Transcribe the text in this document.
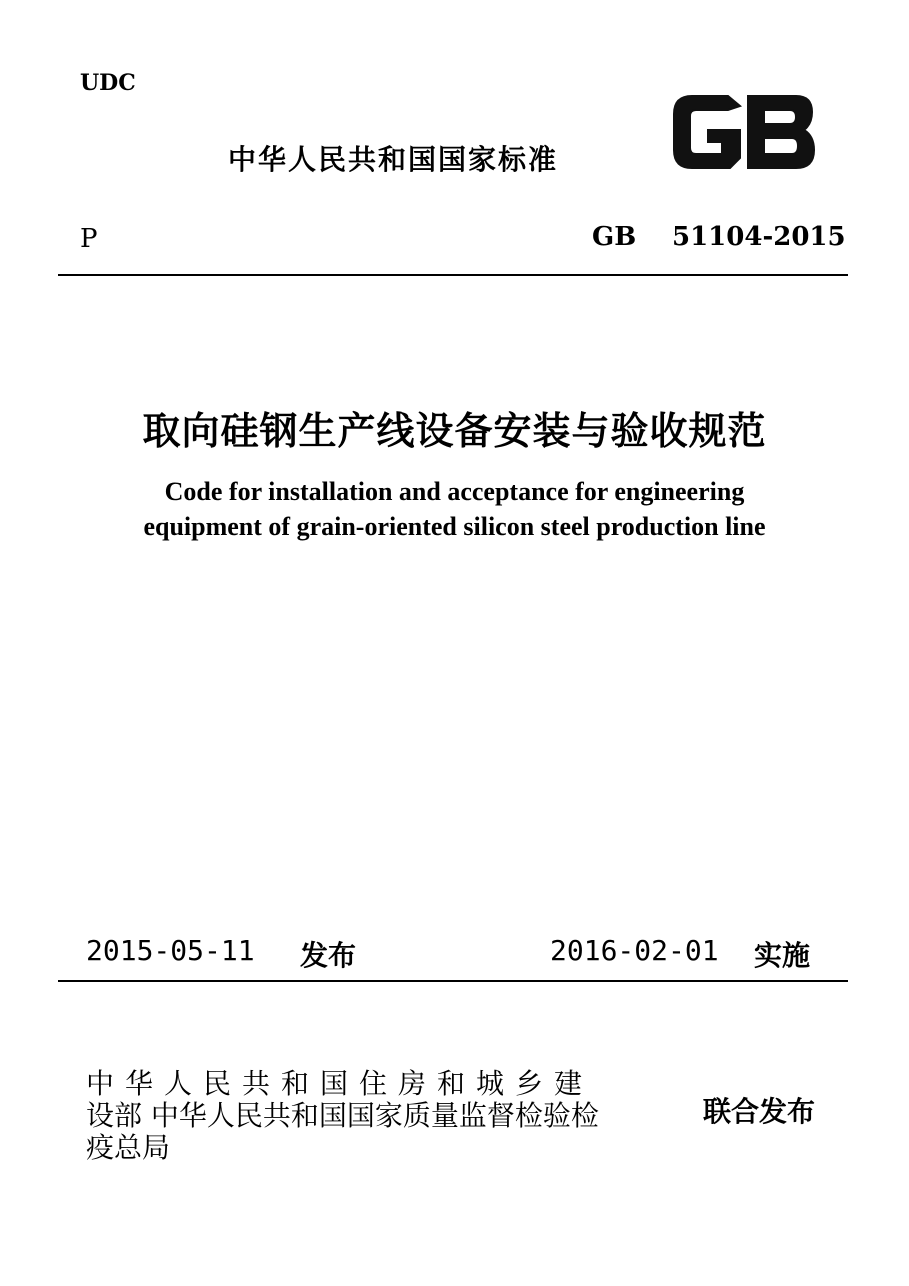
UDC
中华人民共和国国家标准
P	GB 51104-2015
取向硅钢生产线设备安装与验收规范
Code for installation and acceptance for engineering
equipment of grain-oriented silicon steel production line
2015-05-11 发布	2016-02-01 实施
中华人民共和国住房和城乡建
设部 中华人民共和国国家质量监督检验检
疫总局
联合发布
